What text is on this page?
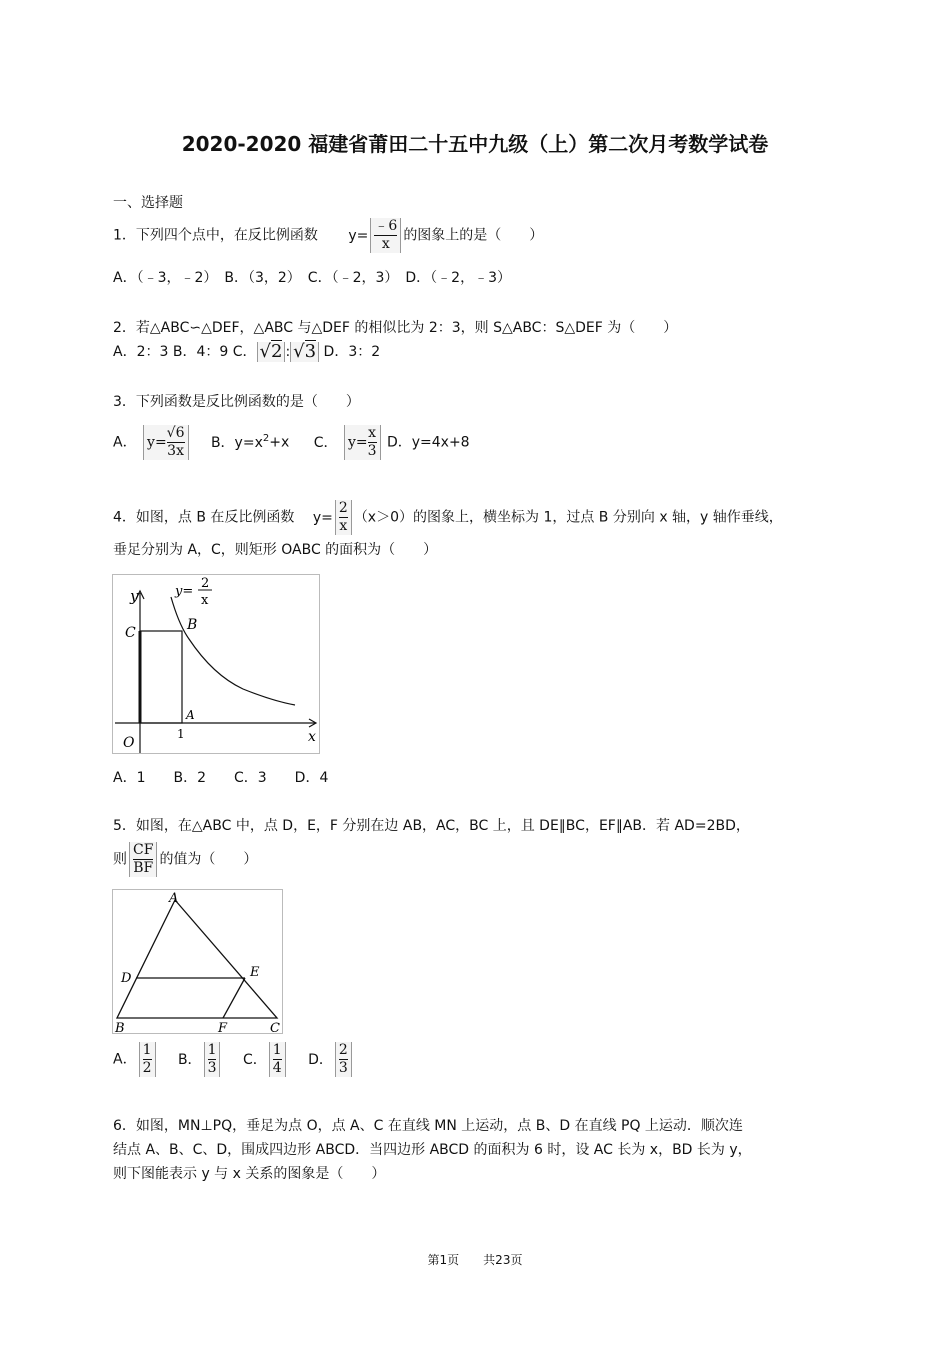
2020-2020 福建省莆田二十五中九级（上）第二次月考数学试卷
一、选择题
1．下列四个点中，在反比例函数 $y= \frac{﹣6}{x}$ 的图象上的是（　　）
A．（﹣3，﹣2）　B．（3，2）　C．（﹣2，3）　D．（﹣2，﹣3）
2．若△ABC∽△DEF，△ABC 与△DEF 的相似比为 2：3，则 S△ABC：S△DEF 为（　　）
A．2：3 B．4：9 C． √2 : √3 D．3：2
3．下列函数是反比例函数的是（　　）
A． $y= \frac{√6}{3x}$ B．$y=x^2+x$ C． $y= \frac{x}{3}$ D．y=4x+8
4．如图，点 B 在反比例函数 $y= \frac{2}{x} (x>0)$的图象上，横坐标为 1，过点 B 分别向 x 轴，y 轴作垂线，
垂足分别为 A，C，则矩形 OABC 的面积为（　　）
y	y=
2
x
C	B
A
O
1	x
A．1　　B．2　　C．3　　D．4
5．如图，在△ABC 中，点 D，E，F 分别在边 AB，AC，BC 上，且 DE∥BC，EF∥AB．若 AD=2BD，
则 $\frac{CF}{BF}$ 的值为（　　）
A
D	E
B	F	C
A． $\frac{1}{2}$ B． $\frac{1}{3}$ C． $\frac{1}{4}$ D． $\frac{2}{3}$
6．如图，MN⊥PQ，垂足为点 O，点 A、C 在直线 MN 上运动，点 B、D 在直线 PQ 上运动．顺次连
结点 A、B、C、D，围成四边形 ABCD．当四边形 ABCD 的面积为 6 时，设 AC 长为 x，BD 长为 y，
则下图能表示 y 与 x 关系的图象是（　　）
第1页　　共23页
